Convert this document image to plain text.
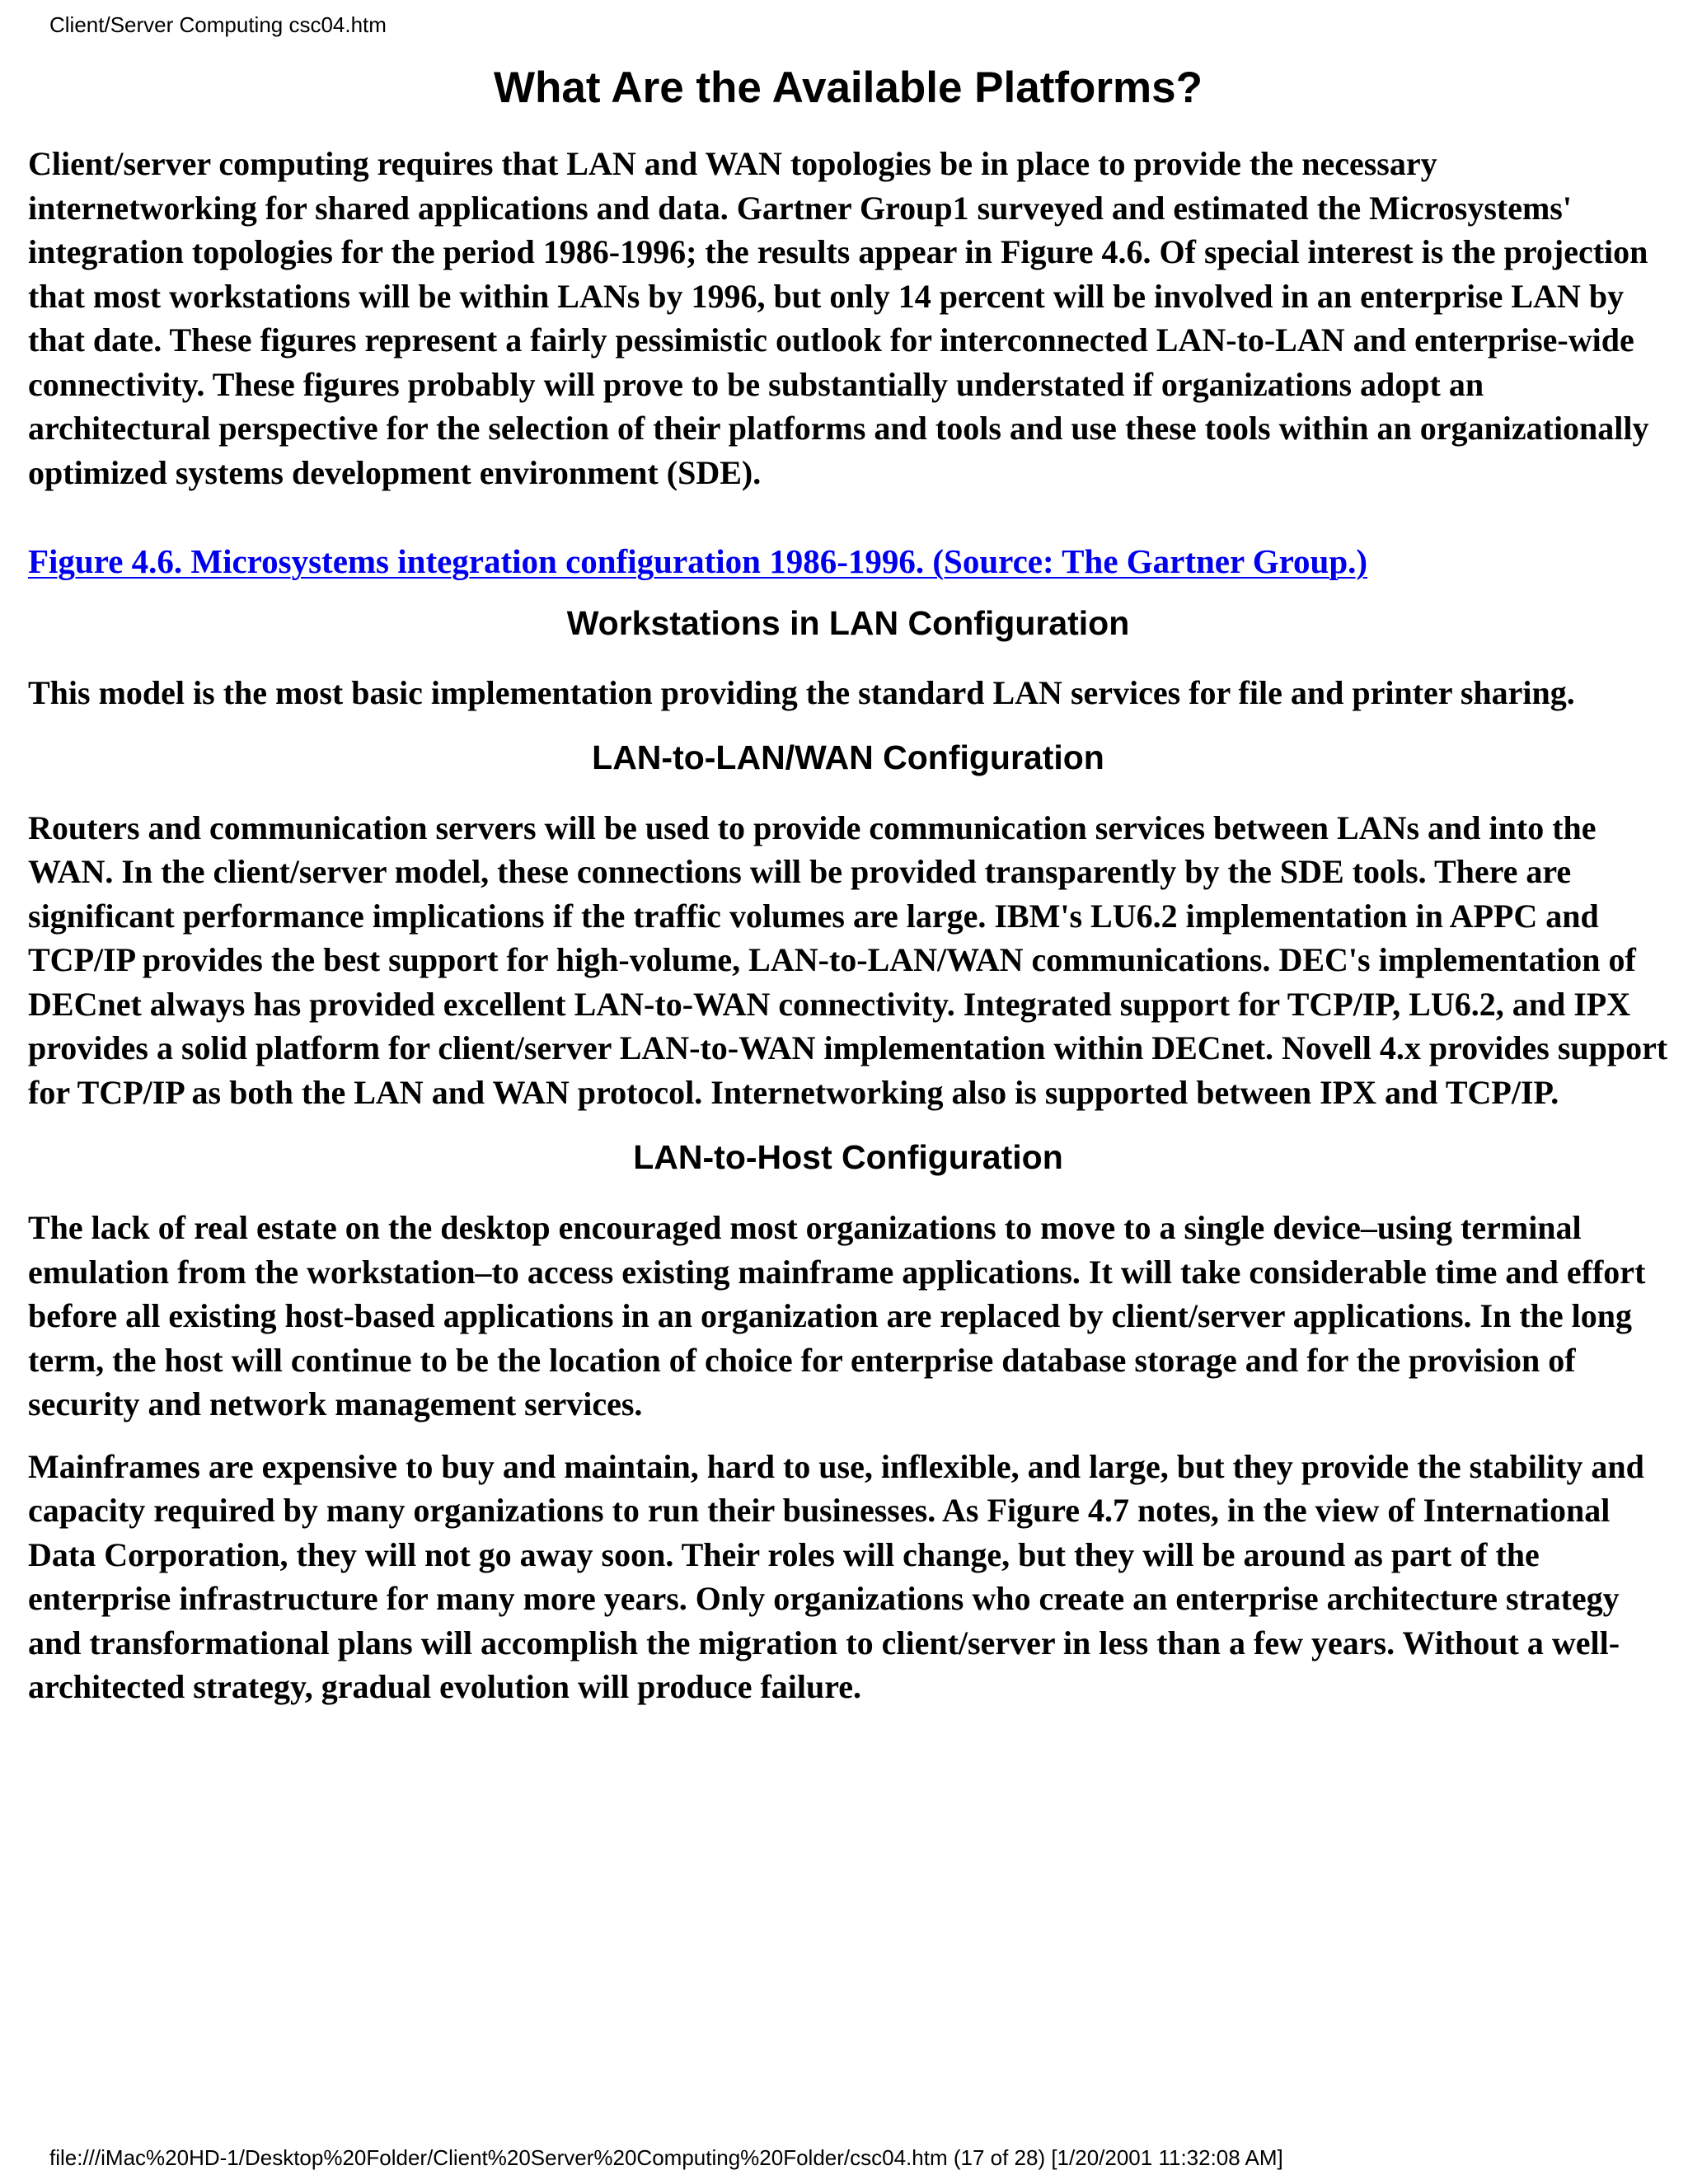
Client/Server Computing csc04.htm
What Are the Available Platforms?

Client/server computing requires that LAN and WAN topologies be in place to provide the necessary internetworking for shared applications and data. Gartner Group1 surveyed and estimated the Microsystems' integration topologies for the period 1986-1996; the results appear in Figure 4.6. Of special interest is the projection that most workstations will be within LANs by 1996, but only 14 percent will be involved in an enterprise LAN by that date. These figures represent a fairly pessimistic outlook for interconnected LAN-to-LAN and enterprise-wide connectivity. These figures probably will prove to be substantially understated if organizations adopt an architectural perspective for the selection of their platforms and tools and use these tools within an organizationally optimized systems development environment (SDE).

Figure 4.6. Microsystems integration configuration 1986-1996. (Source: The Gartner Group.)
Workstations in LAN Configuration

This model is the most basic implementation providing the standard LAN services for file and printer sharing.

LAN-to-LAN/WAN Configuration

Routers and communication servers will be used to provide communication services between LANs and into the WAN. In the client/server model, these connections will be provided transparently by the SDE tools. There are significant performance implications if the traffic volumes are large. IBM's LU6.2 implementation in APPC and TCP/IP provides the best support for high-volume, LAN-to-LAN/WAN communications. DEC's implementation of DECnet always has provided excellent LAN-to-WAN connectivity. Integrated support for TCP/IP, LU6.2, and IPX provides a solid platform for client/server LAN-to-WAN implementation within DECnet. Novell 4.x provides support for TCP/IP as both the LAN and WAN protocol. Internetworking also is supported between IPX and TCP/IP.

LAN-to-Host Configuration

The lack of real estate on the desktop encouraged most organizations to move to a single device–using terminal emulation from the workstation–to access existing mainframe applications. It will take considerable time and effort before all existing host-based applications in an organization are replaced by client/server applications. In the long term, the host will continue to be the location of choice for enterprise database storage and for the provision of security and network management services.

Mainframes are expensive to buy and maintain, hard to use, inflexible, and large, but they provide the stability and capacity required by many organizations to run their businesses. As Figure 4.7 notes, in the view of International Data Corporation, they will not go away soon. Their roles will change, but they will be around as part of the enterprise infrastructure for many more years. Only organizations who create an enterprise architecture strategy and transformational plans will accomplish the migration to client/server in less than a few years. Without a well-architected strategy, gradual evolution will produce failure.

file:///iMac%20HD-1/Desktop%20Folder/Client%20Server%20Computing%20Folder/csc04.htm (17 of 28) [1/20/2001 11:32:08 AM]
